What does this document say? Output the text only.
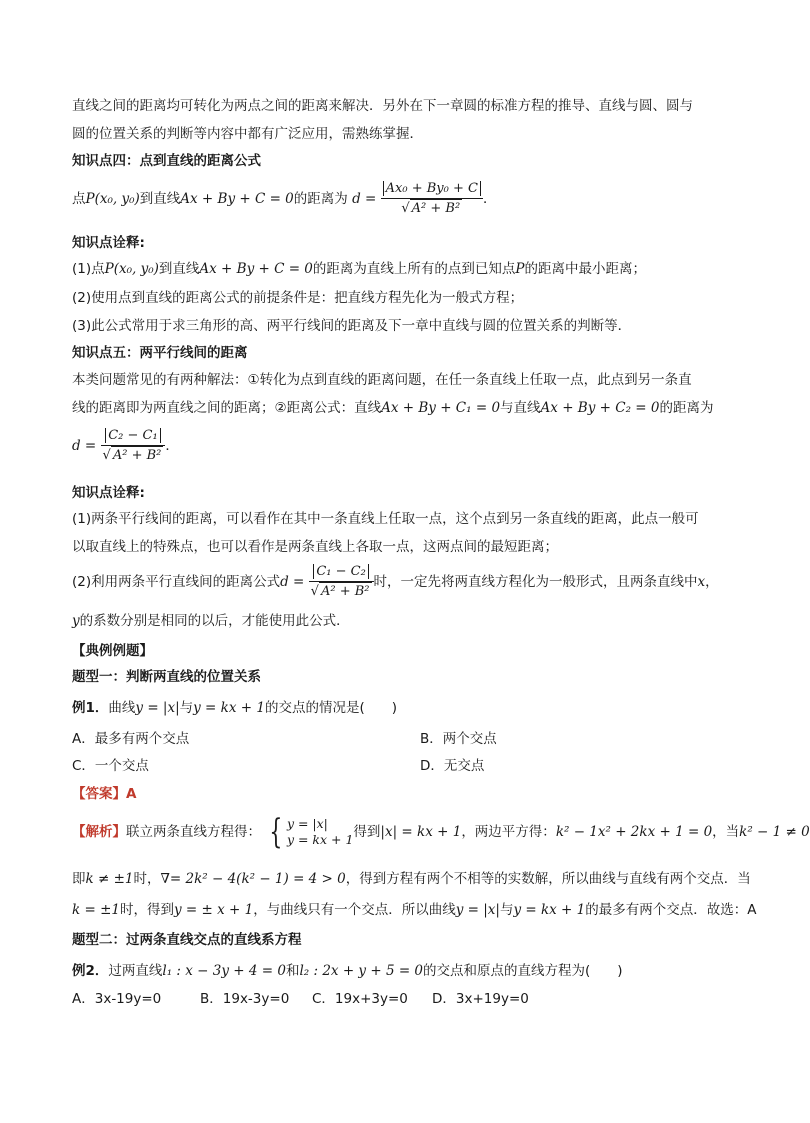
直线之间的距离均可转化为两点之间的距离来解决．另外在下一章圆的标准方程的推导、直线与圆、圆与
圆的位置关系的判断等内容中都有广泛应用，需熟练掌握．
知识点四：点到直线的距离公式
点P(x₀, y₀)到直线Ax + By + C = 0的距离为 $d = \frac{\text{Ax₀ + By₀ + C}}{\text{√ A² + B²}}$ ．
知识点诠释:
(1)点P(x₀, y₀)到直线Ax + By + C = 0的距离为直线上所有的点到已知点P的距离中最小距离；
(2)使用点到直线的距离公式的前提条件是：把直线方程先化为一般式方程；
(3)此公式常用于求三角形的高、两平行线间的距离及下一章中直线与圆的位置关系的判断等．
知识点五：两平行线间的距离
本类问题常见的有两种解法：①转化为点到直线的距离问题，在任一条直线上任取一点，此点到另一条直
线的距离即为两直线之间的距离；②距离公式：直线Ax + By + C₁ = 0与直线Ax + By + C₂ = 0的距离为
$d = \frac{\text{C₂ − C₁}}{\text{√ A² + B²}}$ ．
知识点诠释:
(1)两条平行线间的距离，可以看作在其中一条直线上任取一点，这个点到另一条直线的距离，此点一般可
以取直线上的特殊点，也可以看作是两条直线上各取一点，这两点间的最短距离；
(2)利用两条平行直线间的距离公式$d = \frac{\text{C₁ − C₂}}{\text{√ A² + B²}}$ 时，一定先将两直线方程化为一般形式，且两条直线中x，
y的系数分别是相同的以后，才能使用此公式．
【典例例题】
题型一：判断两直线的位置关系
例1．曲线y = |x|与y = kx + 1的交点的情况是(　　)
A．最多有两个交点	B．两个交点
C．一个交点	D．无交点
【答案】A
【解析】联立两条直线方程得： { y = |x|
y = kx + 1 得到|x| = kx + 1，两边平方得：k² − 1x² + 2kx + 1 = 0，当k² − 1 ≠ 0
即k ≠ ±1时，∇= 2k² − 4(k² − 1) = 4 > 0，得到方程有两个不相等的实数解，所以曲线与直线有两个交点．当
k = ±1时，得到y = ± x + 1，与曲线只有一个交点．所以曲线y = |x|与y = kx + 1的最多有两个交点．故选：A
题型二：过两条直线交点的直线系方程
例2．过两直线l₁ : x − 3y + 4 = 0和l₂ : 2x + y + 5 = 0的交点和原点的直线方程为(　　)
A．3x-19y=0	B．19x-3y=0 C．19x+3y=0 D．3x+19y=0
